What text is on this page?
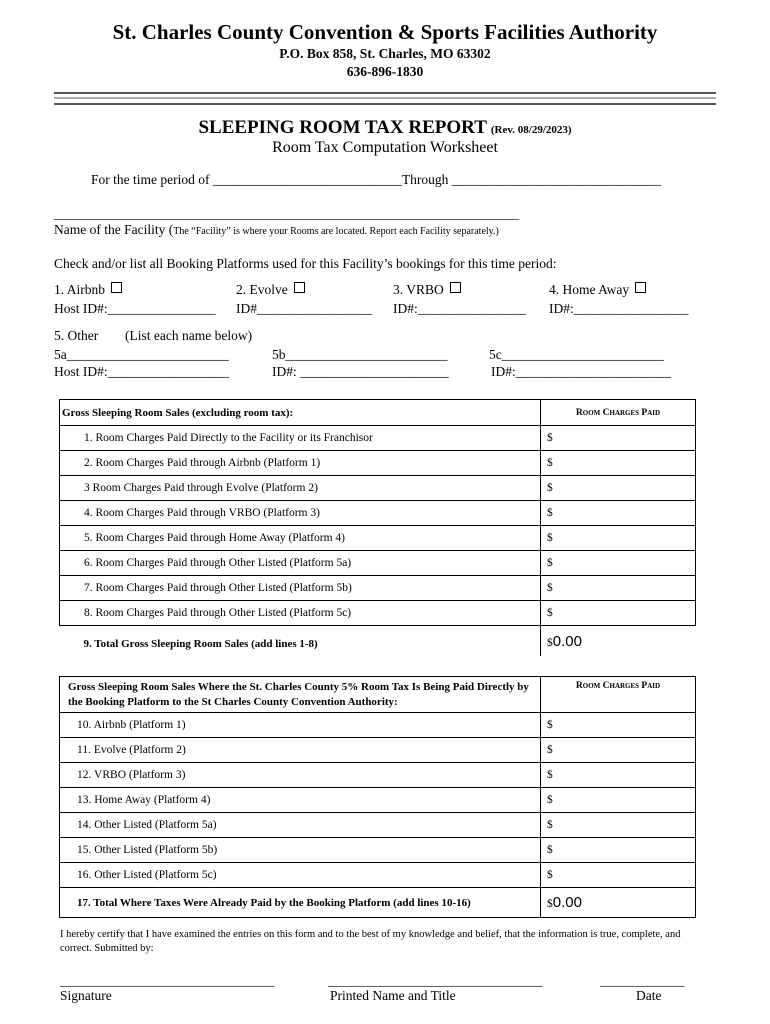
St. Charles County Convention & Sports Facilities Authority
P.O. Box 858, St. Charles, MO 63302
636-896-1830
SLEEPING ROOM TAX REPORT (Rev. 08/29/2023)
Room Tax Computation Worksheet
For the time period of ____________________________Through _______________________________
___________________________________________________________________________
Name of the Facility (The “Facility” is where your Rooms are located. Report each Facility separately.)
Check and/or list all Booking Platforms used for this Facility’s bookings for this time period:
1. Airbnb	2. Evolve	3. VRBO	4. Home Away
Host ID#:________________ ID#_________________ ID#:________________ ID#:_________________
5. Other (List each name below)
5a________________________	5b________________________	5c________________________
Host ID#:__________________	ID#: ______________________	ID#:_______________________
Gross Sleeping Room Sales (excluding room tax):	Room Charges Paid
1. Room Charges Paid Directly to the Facility or its Franchisor	$
2. Room Charges Paid through Airbnb (Platform 1)	$
3 Room Charges Paid through Evolve (Platform 2)	$
4. Room Charges Paid through VRBO (Platform 3)	$
5. Room Charges Paid through Home Away (Platform 4)	$
6. Room Charges Paid through Other Listed (Platform 5a)	$
7. Room Charges Paid through Other Listed (Platform 5b)	$
8. Room Charges Paid through Other Listed (Platform 5c)	$
9. Total Gross Sleeping Room Sales (add lines 1-8)	$0.00
Gross Sleeping Room Sales Where the St. Charles County 5% Room Tax Is Being Paid Directly by the Booking Platform to the St Charles County Convention Authority:	Room Charges Paid
10. Airbnb (Platform 1)	$
11. Evolve (Platform 2)	$
12. VRBO (Platform 3)	$
13. Home Away (Platform 4)	$
14. Other Listed (Platform 5a)	$
15. Other Listed (Platform 5b)	$
16. Other Listed (Platform 5c)	$
17. Total Where Taxes Were Already Paid by the Booking Platform (add lines 10-16)	$0.00
I hereby certify that I have examined the entries on this form and to the best of my knowledge and belief, that the information is true, complete, and correct. Submitted by:
_________________________________	_________________________________	_____________
Signature	Printed Name and Title	Date
